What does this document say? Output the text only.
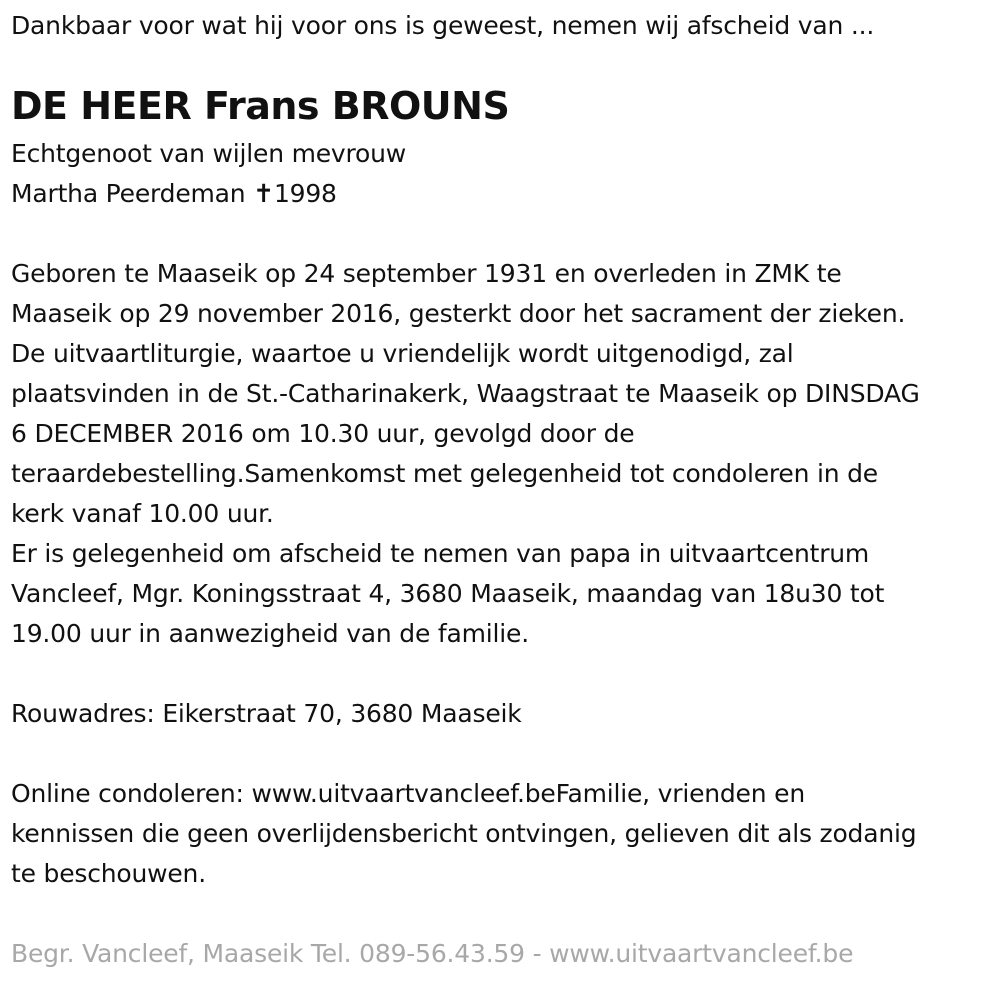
Dankbaar voor wat hij voor ons is geweest, nemen wij afscheid van ...
DE HEER Frans BROUNS
Echtgenoot van wijlen mevrouw
Martha Peerdeman ✝1998
Geboren te Maaseik op 24 september 1931 en overleden in ZMK te
Maaseik op 29 november 2016, gesterkt door het sacrament der zieken.
De uitvaartliturgie, waartoe u vriendelijk wordt uitgenodigd, zal
plaatsvinden in de St.-Catharinakerk, Waagstraat te Maaseik op DINSDAG
6 DECEMBER 2016 om 10.30 uur, gevolgd door de
teraardebestelling.Samenkomst met gelegenheid tot condoleren in de
kerk vanaf 10.00 uur.
Er is gelegenheid om afscheid te nemen van papa in uitvaartcentrum
Vancleef, Mgr. Koningsstraat 4, 3680 Maaseik, maandag van 18u30 tot
19.00 uur in aanwezigheid van de familie.
Rouwadres: Eikerstraat 70, 3680 Maaseik
Online condoleren: www.uitvaartvancleef.beFamilie, vrienden en
kennissen die geen overlijdensbericht ontvingen, gelieven dit als zodanig
te beschouwen.
Begr. Vancleef, Maaseik Tel. 089-56.43.59 - www.uitvaartvancleef.be
